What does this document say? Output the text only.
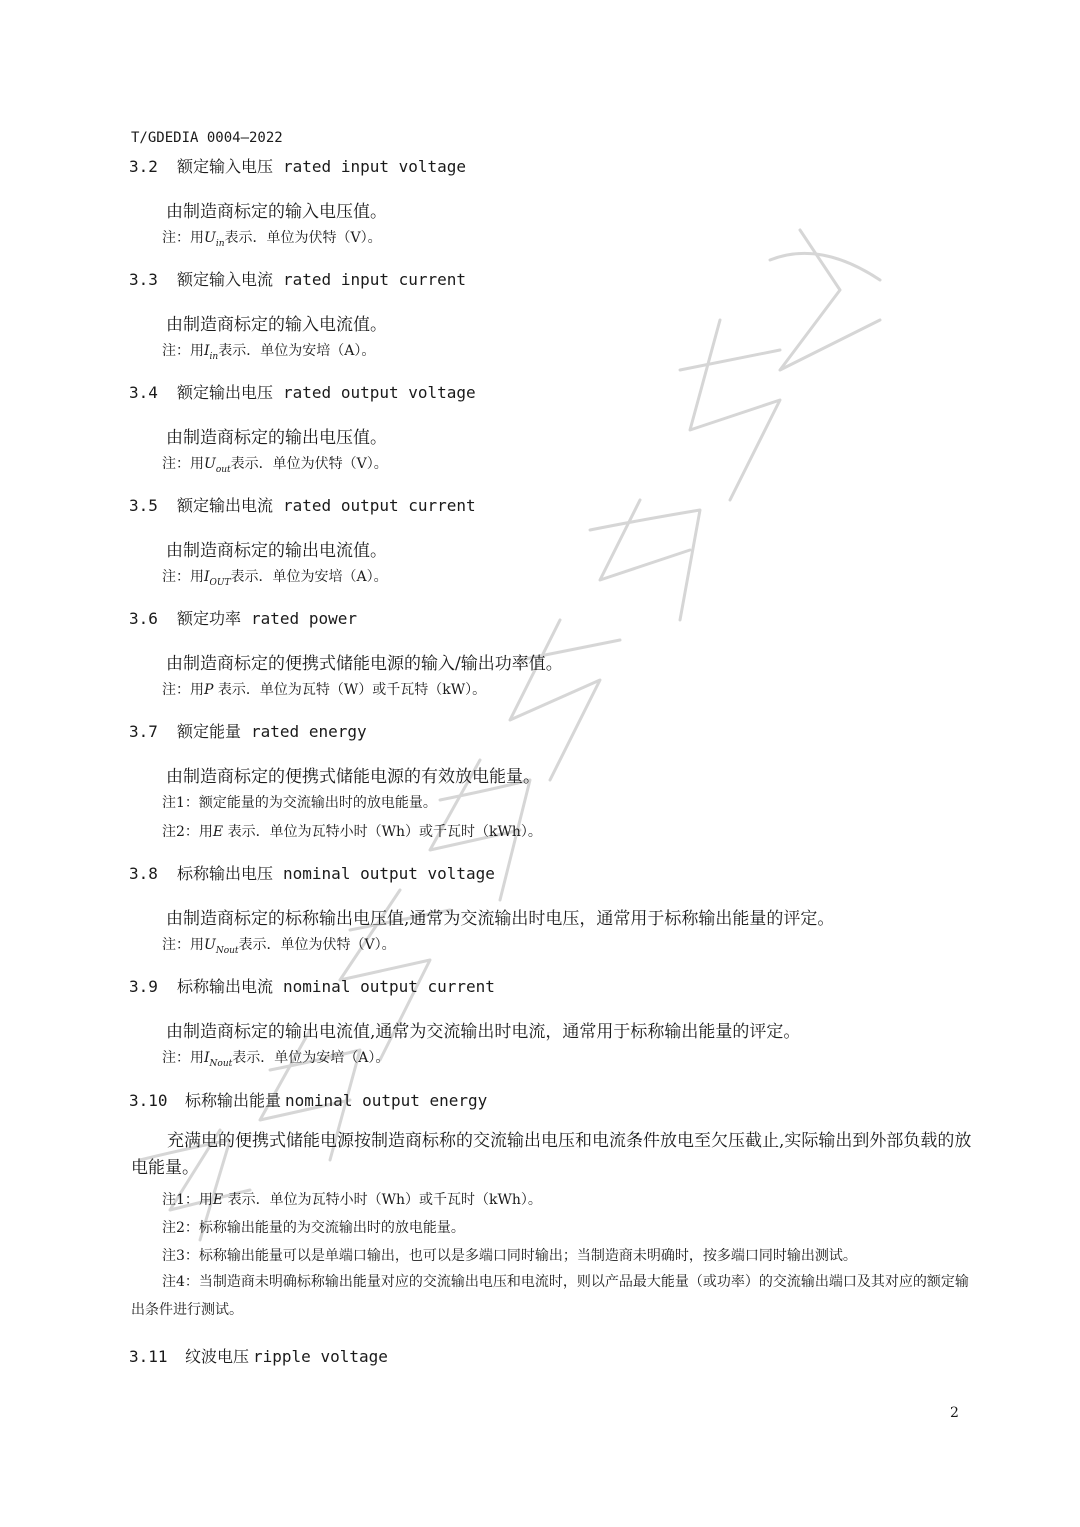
T/GDEDIA 0004—2022
3.2 额定输入电压 rated input voltage
由制造商标定的输入电压值。
注：用$U_{in}$表示．单位为伏特（V）。
3.3 额定输入电流 rated input current
由制造商标定的输入电流值。
注：用$I_{in}$表示．单位为安培（A）。
3.4 额定输出电压 rated output voltage
由制造商标定的输出电压值。
注：用$U_{out}$表示．单位为伏特（V）。
3.5 额定输出电流 rated output current
由制造商标定的输出电流值。
注：用$I_{OUT}$表示．单位为安培（A）。
3.6 额定功率 rated power
由制造商标定的便携式储能电源的输入/输出功率值。
注：用P 表示．单位为瓦特（W）或千瓦特（kW）。
3.7 额定能量 rated energy
由制造商标定的便携式储能电源的有效放电能量。
注1：额定能量的为交流输出时的放电能量。
注2：用E 表示．单位为瓦特小时（Wh）或千瓦时（kWh）。
3.8 标称输出电压 nominal output voltage
由制造商标定的标称输出电压值,通常为交流输出时电压，通常用于标称输出能量的评定。
注：用$U_{Nout}$表示．单位为伏特（V）。
3.9 标称输出电流 nominal output current
由制造商标定的输出电流值,通常为交流输出时电流，通常用于标称输出能量的评定。
注：用$I_{Nout}$表示．单位为安培（A）。
3.10 标称输出能量 nominal output energy
充满电的便携式储能电源按制造商标称的交流输出电压和电流条件放电至欠压截止,实际输出到外部负载的放电能量。
注1：用E 表示．单位为瓦特小时（Wh）或千瓦时（kWh）。
注2：标称输出能量的为交流输出时的放电能量。
注3：标称输出能量可以是单端口输出，也可以是多端口同时输出；当制造商未明确时，按多端口同时输出测试。
注4：当制造商未明确标称输出能量对应的交流输出电压和电流时，则以产品最大能量（或功率）的交流输出端口及其对应的额定输出条件进行测试。
3.11 纹波电压 ripple voltage
2
